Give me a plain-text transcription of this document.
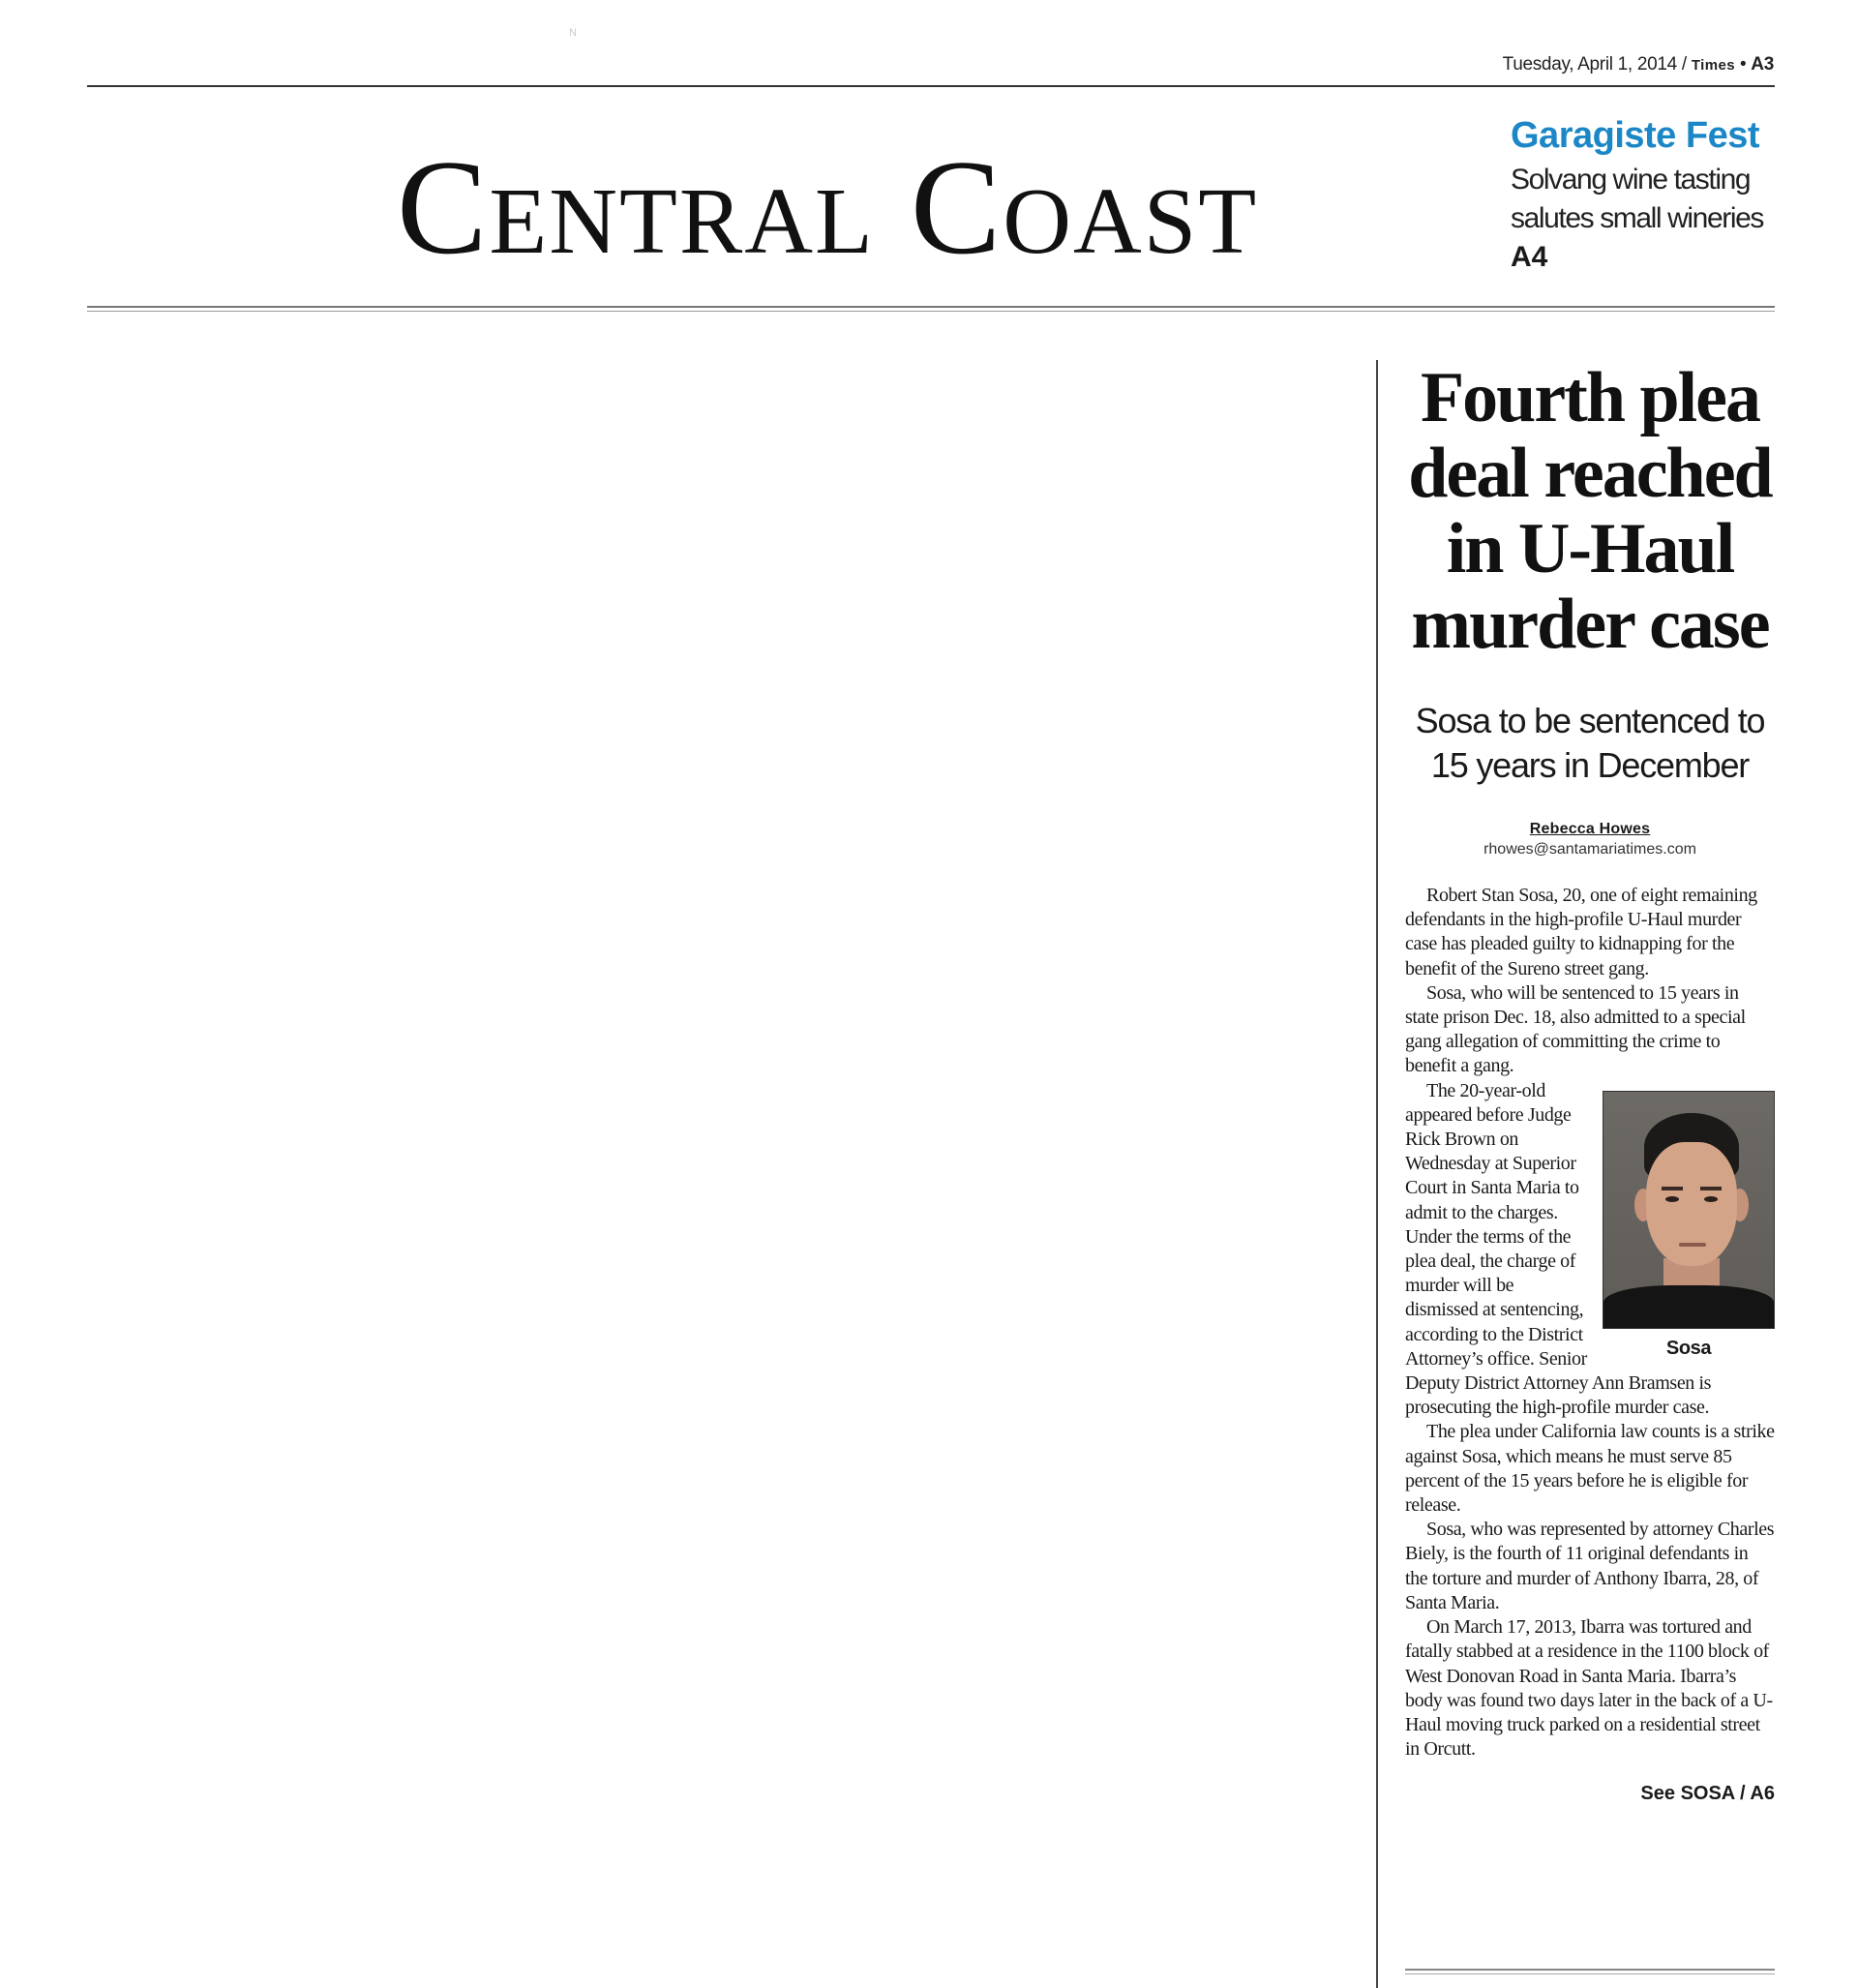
N
Tuesday, April 1, 2014 / Times • A3
Central Coast	Garagiste Fest
Solvang wine tasting salutes small wineries
A4
Fourth plea deal reached in U-Haul murder case
Sosa to be sentenced to 15 years in December
Rebecca Howes
rhowes@santamariatimes.com

Robert Stan Sosa, 20, one of eight remaining defendants in the high-profile U-Haul murder case has pleaded guilty to kidnapping for the benefit of the Sureno street gang.

Sosa, who will be sentenced to 15 years in state prison Dec. 18, also admitted to a special gang allegation of committing the crime to benefit a gang.

Sosa

The 20-year-old appeared before Judge Rick Brown on Wednesday at Superior Court in Santa Maria to admit to the charges. Under the terms of the plea deal, the charge of murder will be dismissed at sentencing, according to the District Attorney’s office. Senior Deputy District Attorney Ann Bramsen is prosecuting the high-profile murder case.

The plea under California law counts is a strike against Sosa, which means he must serve 85 percent of the 15 years before he is eligible for release.

Sosa, who was represented by attorney Charles Biely, is the fourth of 11 original defendants in the torture and murder of Anthony Ibarra, 28, of Santa Maria.

On March 17, 2013, Ibarra was tortured and fatally stabbed at a residence in the 1100 block of West Donovan Road in Santa Maria. Ibarra’s body was found two days later in the back of a U-Haul moving truck parked on a residential street in Orcutt.

See SOSA / A6
